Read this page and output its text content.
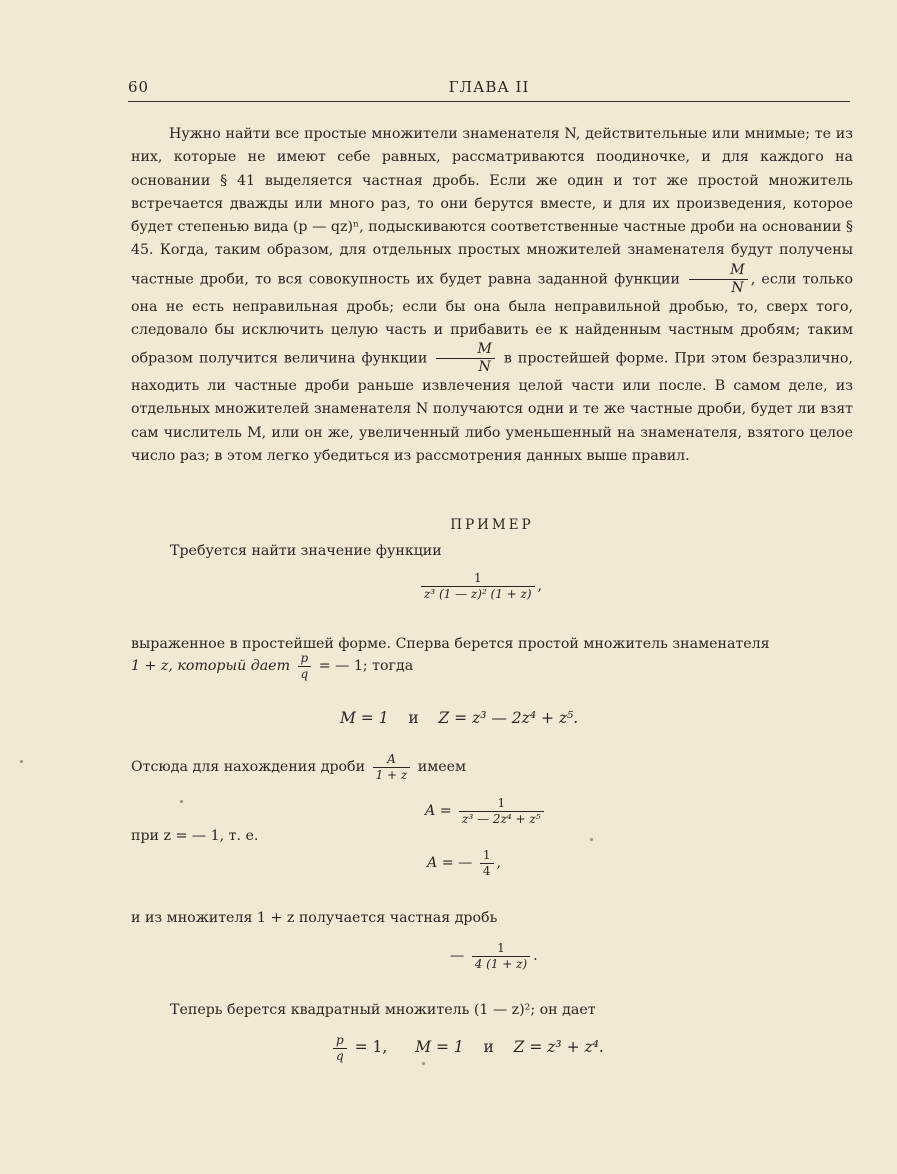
60	ГЛАВА II

Нужно найти все простые множители знаменателя N, действительные или мнимые; те из них, которые не имеют себе равных, рассматриваются поодиночке, и для каждого на основании § 41 выделяется частная дробь. Если же один и тот же простой множитель встречается дважды или много раз, то они берутся вместе, и для их произведения, которое будет степенью вида (p — qz)ⁿ, подыскиваются соответственные частные дроби на основании § 45. Когда, таким образом, для отдельных простых множителей знаменателя будут получены частные дроби, то вся совокупность их будет равна заданной функции $\frac{M}{N}$ , если только она не есть неправильная дробь; если бы она была неправильной дробью, то, сверх того, следовало бы исключить целую часть и прибавить ее к найденным частным дробям; таким образом получится величина функции $\frac{M}{N}$ в простейшей форме. При этом безразлично, находить ли частные дроби раньше извлечения целой части или после. В самом деле, из отдельных множителей знаменателя N получаются одни и те же частные дроби, будет ли взят сам числитель M, или он же, увеличенный либо уменьшенный на знаменателя, взятого целое число раз; в этом легко убедиться из рассмотрения данных выше правил.

ПРИМЕР

Требуется найти значение функции

$\frac{1}{\text{z³ (1 — z)² (1 + z)}}$ ,

выраженное в простейшей форме. Сперва берется простой множитель знаменателя

1 + z, который дает $\frac{p}{q}$ = — 1; тогда
M = 1 и Z = z³ — 2z⁴ + z⁵.
Отсюда для нахождения дроби $\frac{A}{1 + z}$ имеем
$A = \frac{1}{\text{z³ — 2z⁴ + z⁵}}$

при z = — 1, т. е.

A = — $\frac{1}{4}$ ,

и из множителя 1 + z получается частная дробь

— $\frac{1}{4 (1 + z)}$ .

Теперь берется квадратный множитель (1 — z)²; он дает

$\frac{p}{q} = 1$, M = 1 и Z = z³ + z⁴.
